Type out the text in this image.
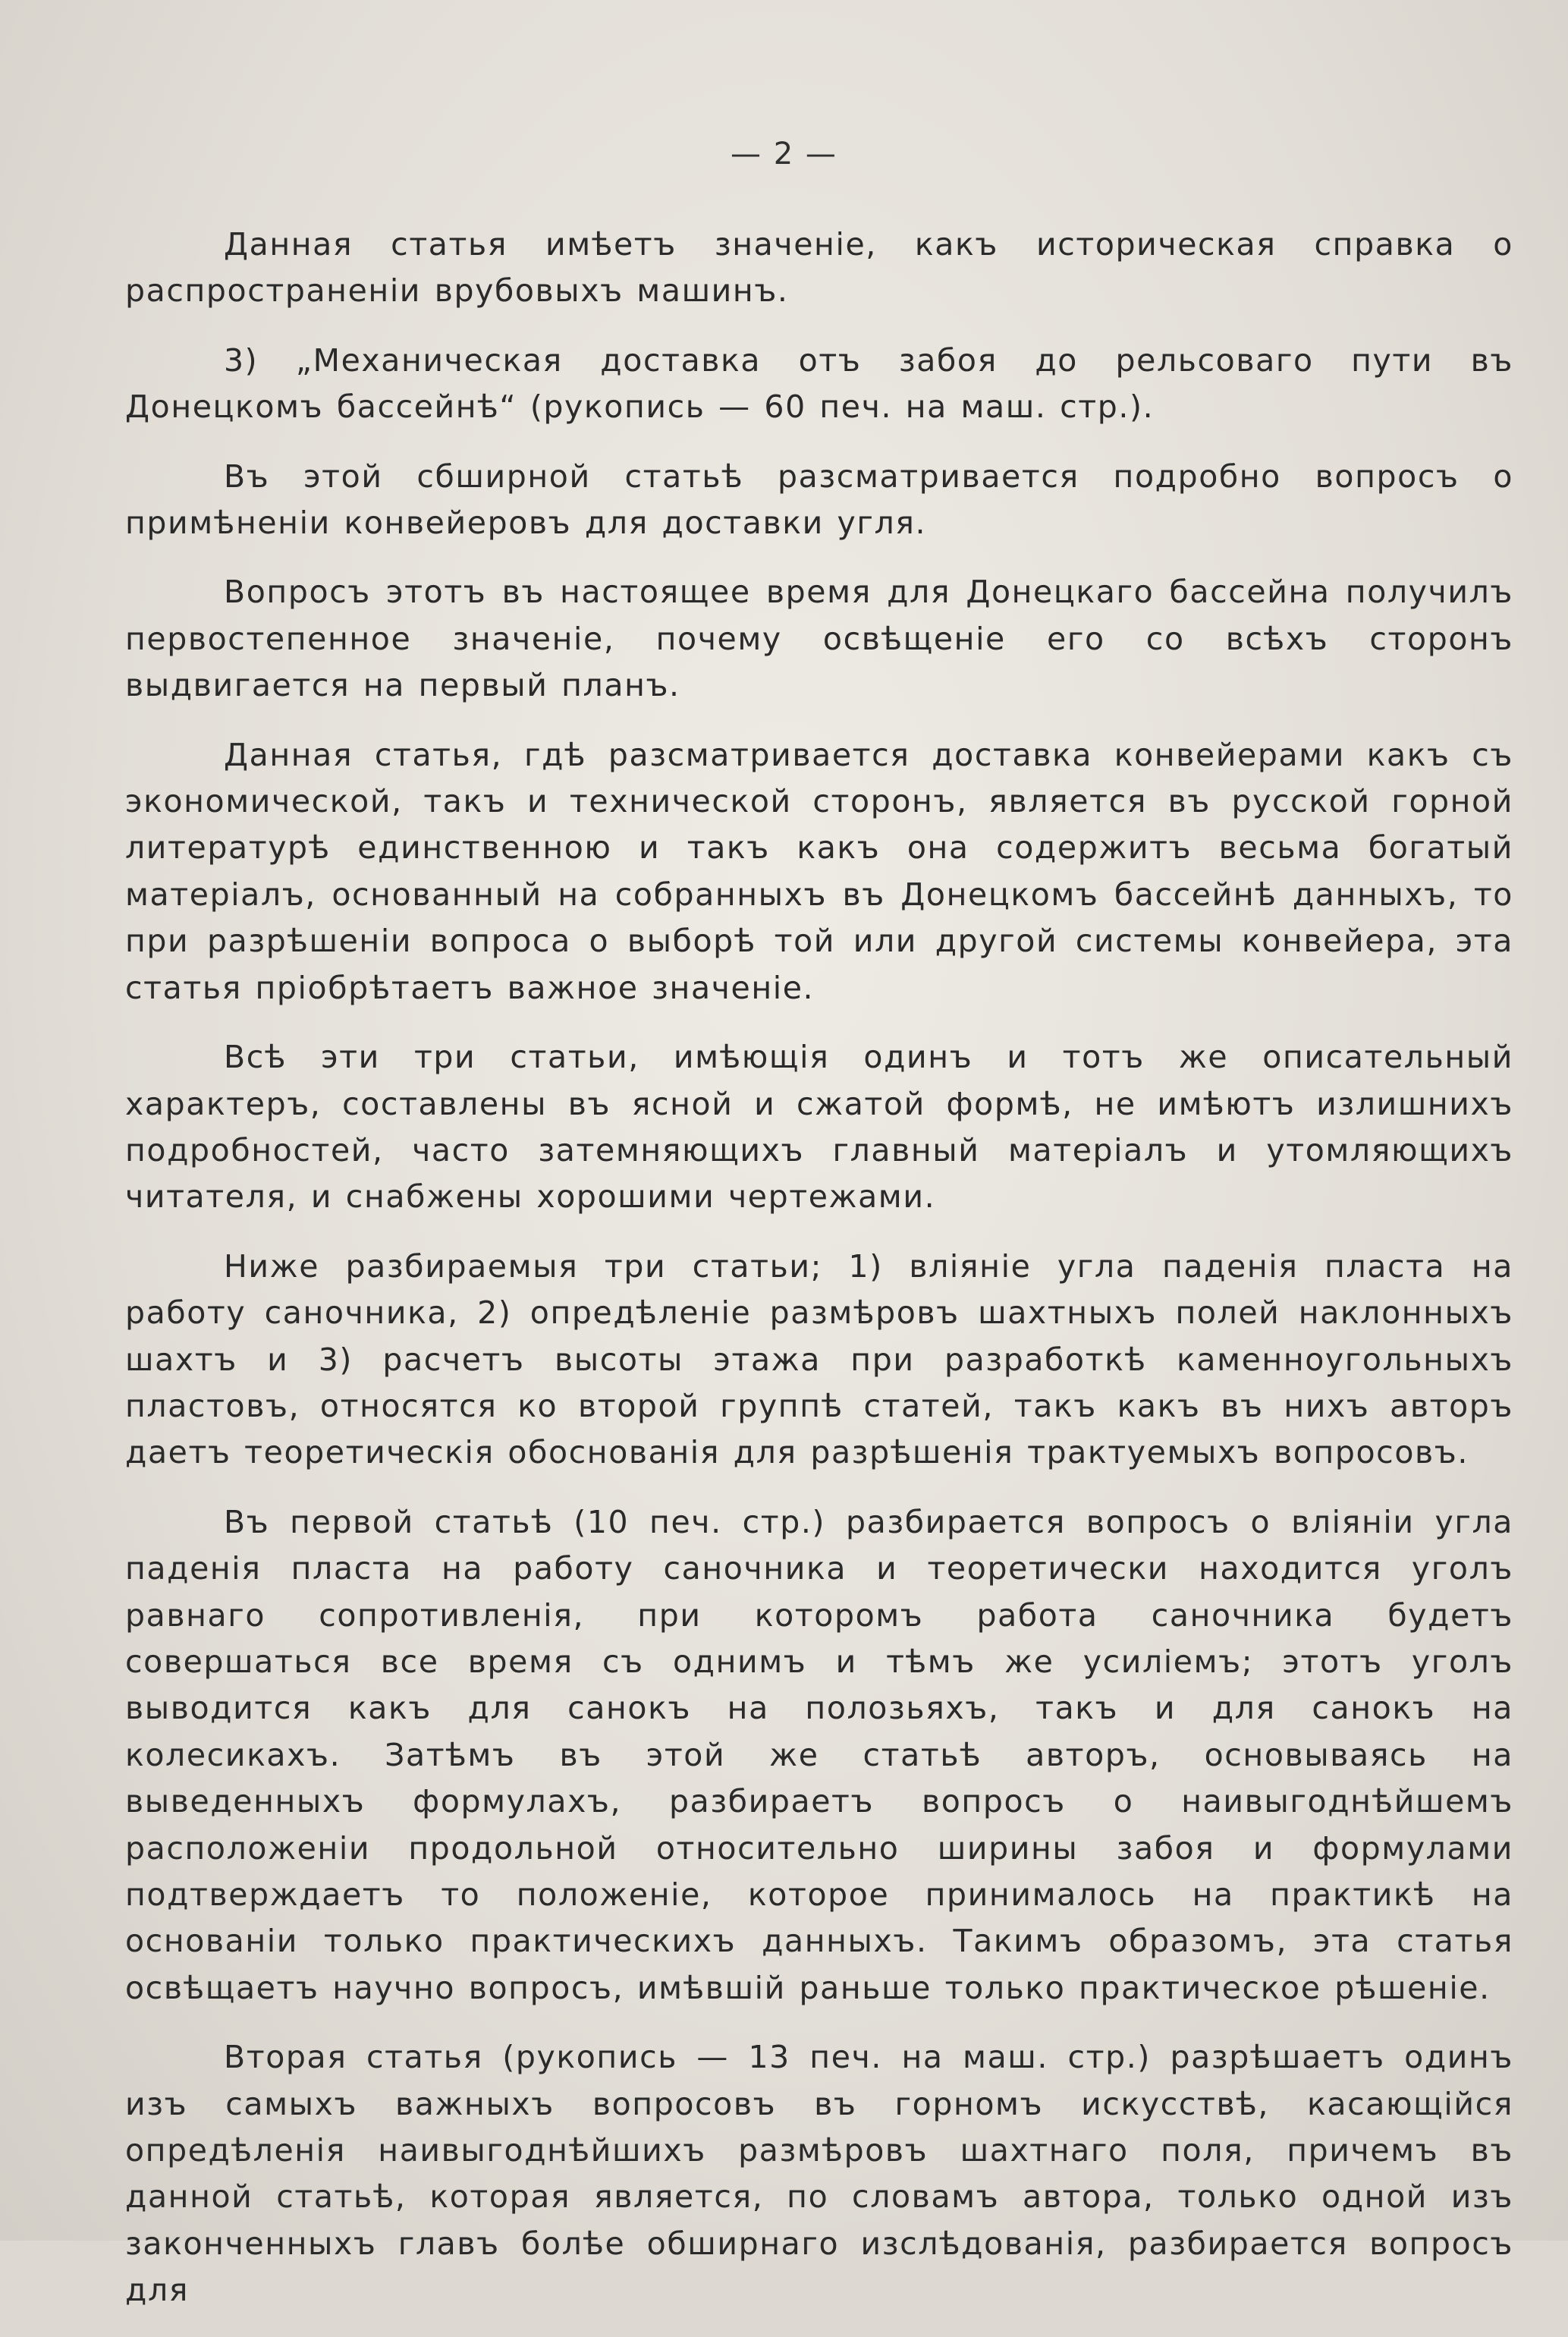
— 2 —

Данная статья имѣетъ значенiе, какъ историческая справка о распространенiи врубовыхъ машинъ.

3) „Механическая доставка отъ забоя до рельсоваго пути въ Донецкомъ бассейнѣ“ (рукопись — 60 печ. на маш. стр.).

Въ этой сбширной статьѣ разсматривается подробно вопросъ о примѣненiи конвейеровъ для доставки угля.

Вопросъ этотъ въ настоящее время для Донецкаго бассейна получилъ первостепенное значенiе, почему освѣщенiе его со всѣхъ сторонъ выдвигается на первый планъ.

Данная статья, гдѣ разсматривается доставка конвейерами какъ съ экономической, такъ и технической сторонъ, является въ русской горной литературѣ единственною и такъ какъ она содержитъ весьма богатый матерiалъ, основанный на собранныхъ въ Донецкомъ бассейнѣ данныхъ, то при разрѣшенiи вопроса о выборѣ той или другой системы конвейера, эта статья прiобрѣтаетъ важное значенiе.

Всѣ эти три статьи, имѣющiя одинъ и тотъ же описательный характеръ, составлены въ ясной и сжатой формѣ, не имѣютъ излишнихъ подробностей, часто затемняющихъ главный матерiалъ и утомляющихъ читателя, и снабжены хорошими чертежами.

Ниже разбираемыя три статьи; 1) влiянiе угла паденiя пласта на работу саночника, 2) опредѣленiе размѣровъ шахтныхъ полей наклонныхъ шахтъ и 3) расчетъ высоты этажа при разработкѣ каменноугольныхъ пластовъ, относятся ко второй группѣ статей, такъ какъ въ нихъ авторъ даетъ теоретическiя обоснованiя для разрѣшенiя трактуемыхъ вопросовъ.

Въ первой статьѣ (10 печ. стр.) разбирается вопросъ о влiянiи угла паденiя пласта на работу саночника и теоретически находится уголъ равнаго сопротивленiя, при которомъ работа саночника будетъ совершаться все время съ однимъ и тѣмъ же усилiемъ; этотъ уголъ выводится какъ для санокъ на полозьяхъ, такъ и для санокъ на колесикахъ. Затѣмъ въ этой же статьѣ авторъ, основываясь на выведенныхъ формулахъ, разбираетъ вопросъ о наивыгоднѣйшемъ расположенiи продольной относительно ширины забоя и формулами подтверждаетъ то положенiе, которое принималось на практикѣ на основанiи только практическихъ данныхъ. Такимъ образомъ, эта статья освѣщаетъ научно вопросъ, имѣвшiй раньше только практическое рѣшенiе.

Вторая статья (рукопись — 13 печ. на маш. стр.) разрѣшаетъ одинъ изъ самыхъ важныхъ вопросовъ въ горномъ искусствѣ, касающiйся опредѣленiя наивыгоднѣйшихъ размѣровъ шахтнаго поля, причемъ въ данной статьѣ, которая является, по словамъ автора, только одной изъ законченныхъ главъ болѣе обширнаго изслѣдованiя, разбирается вопросъ для
